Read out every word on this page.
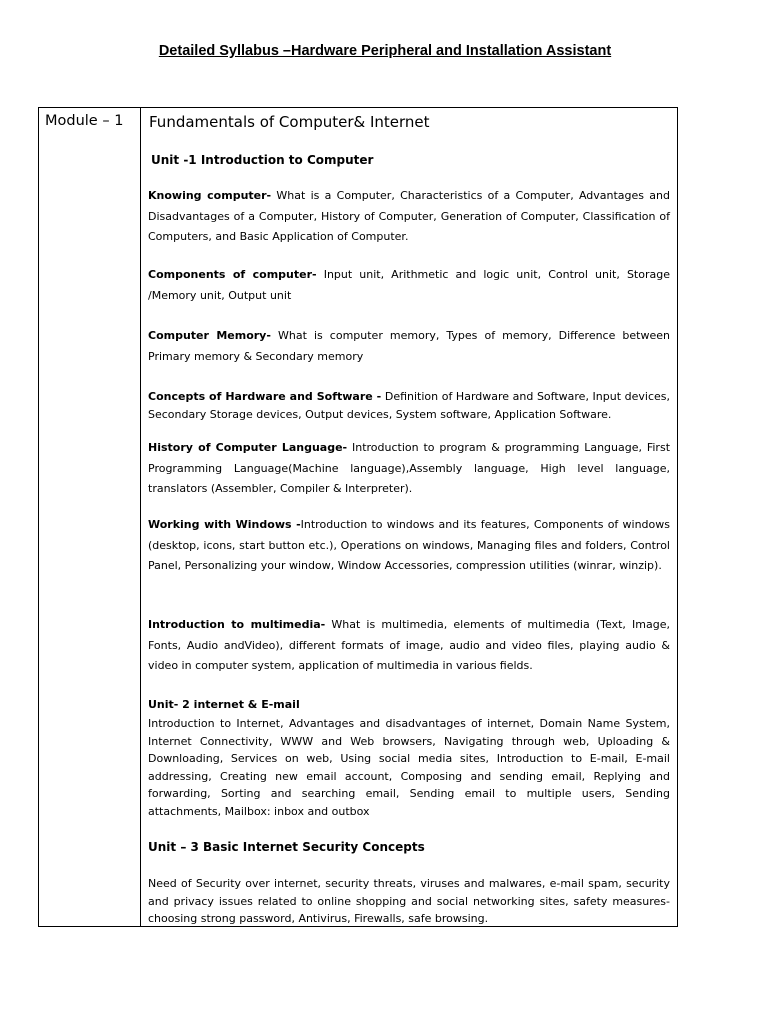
Detailed Syllabus –Hardware Peripheral and Installation Assistant
Module – 1 Fundamentals of Computer& Internet
Unit -1 Introduction to Computer

Knowing computer- What is a Computer, Characteristics of a Computer, Advantages and Disadvantages of a Computer, History of Computer, Generation of Computer, Classification of Computers, and Basic Application of Computer.

Components of computer- Input unit, Arithmetic and logic unit, Control unit, Storage /Memory unit, Output unit

Computer Memory- What is computer memory, Types of memory, Difference between Primary memory & Secondary memory

Concepts of Hardware and Software - Definition of Hardware and Software, Input devices, Secondary Storage devices, Output devices, System software, Application Software.

History of Computer Language- Introduction to program & programming Language, First Programming Language(Machine language),Assembly language, High level language, translators (Assembler, Compiler & Interpreter).

Working with Windows -Introduction to windows and its features, Components of windows (desktop, icons, start button etc.), Operations on windows, Managing files and folders, Control Panel, Personalizing your window, Window Accessories, compression utilities (winrar, winzip).

Introduction to multimedia- What is multimedia, elements of multimedia (Text, Image, Fonts, Audio andVideo), different formats of image, audio and video files, playing audio & video in computer system, application of multimedia in various fields.

Unit- 2 internet & E-mail

Introduction to Internet, Advantages and disadvantages of internet, Domain Name System, Internet Connectivity, WWW and Web browsers, Navigating through web, Uploading & Downloading, Services on web, Using social media sites, Introduction to E-mail, E-mail addressing, Creating new email account, Composing and sending email, Replying and forwarding, Sorting and searching email, Sending email to multiple users, Sending attachments, Mailbox: inbox and outbox

Unit – 3 Basic Internet Security Concepts

Need of Security over internet, security threats, viruses and malwares, e-mail spam, security and privacy issues related to online shopping and social networking sites, safety measures-choosing strong password, Antivirus, Firewalls, safe browsing.
